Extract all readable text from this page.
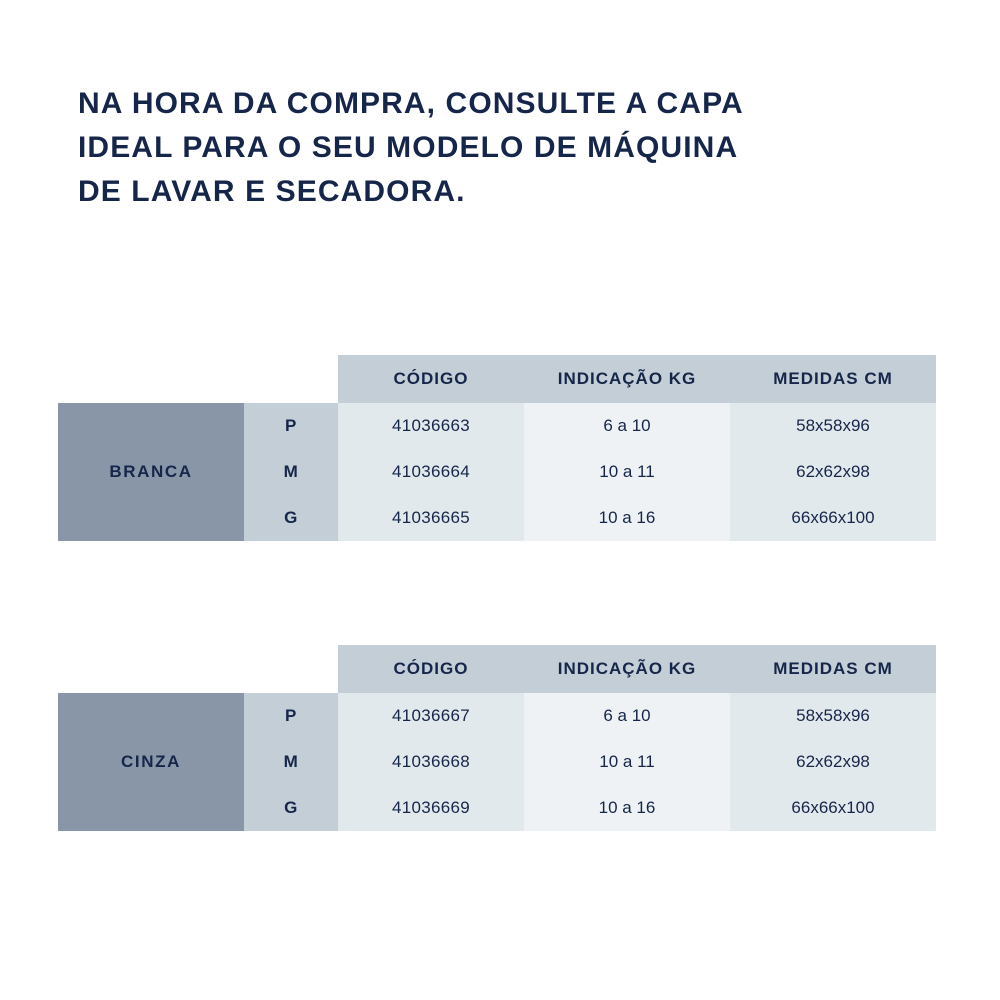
NA HORA DA COMPRA, CONSULTE A CAPA
IDEAL PARA O SEU MODELO DE MÁQUINA
DE LAVAR E SECADORA.
		CÓDIGO	INDICAÇÃO KG	MEDIDAS CM
BRANCA	P	41036663	6 a 10	58x58x96
	M	41036664	10 a 11	62x62x98
	G	41036665	10 a 16	66x66x100
		CÓDIGO	INDICAÇÃO KG	MEDIDAS CM
CINZA	P	41036667	6 a 10	58x58x96
	M	41036668	10 a 11	62x62x98
	G	41036669	10 a 16	66x66x100
